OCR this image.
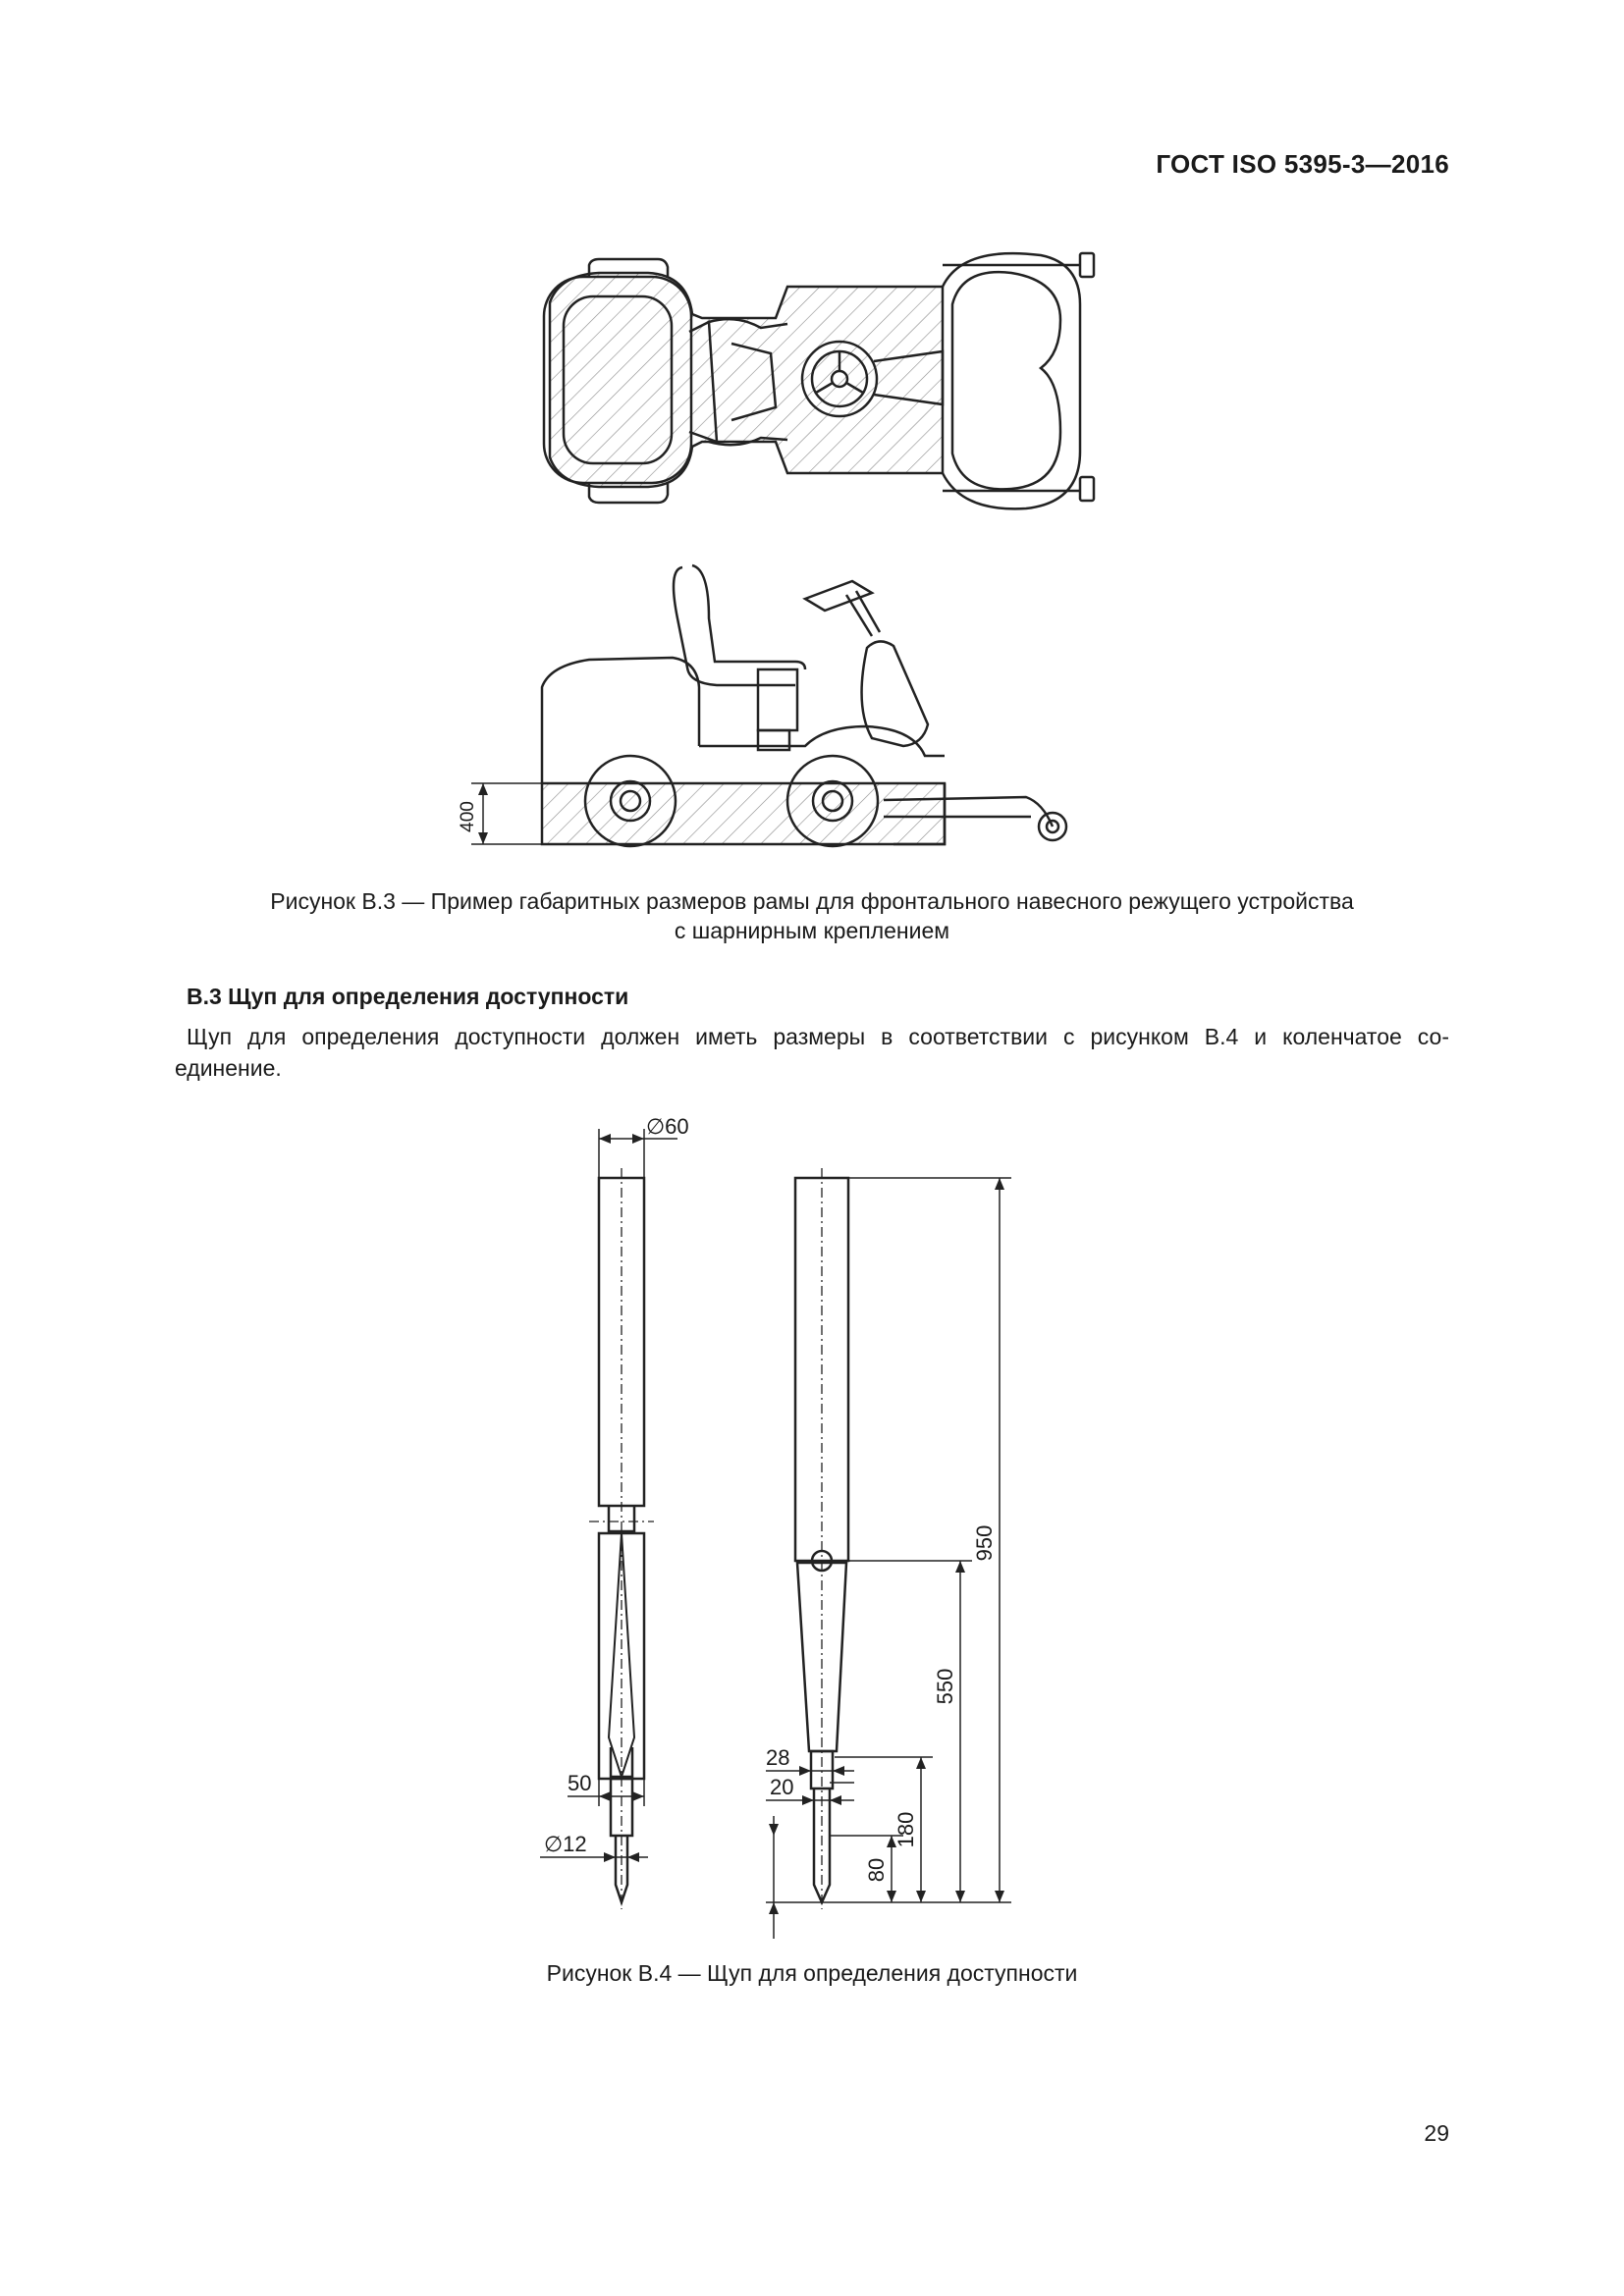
ГОСТ ISO 5395-3—2016
400
Рисунок В.3 — Пример габаритных размеров рамы для фронтального навесного режущего устройства
с шарнирным креплением
В.3 Щуп для определения доступности
Щуп для определения доступности должен иметь размеры в соответствии с рисунком В.4 и коленчатое со-
единение.
∅60
50
∅12
950
550
180
80
28
20
Рисунок В.4 — Щуп для определения доступности
29
